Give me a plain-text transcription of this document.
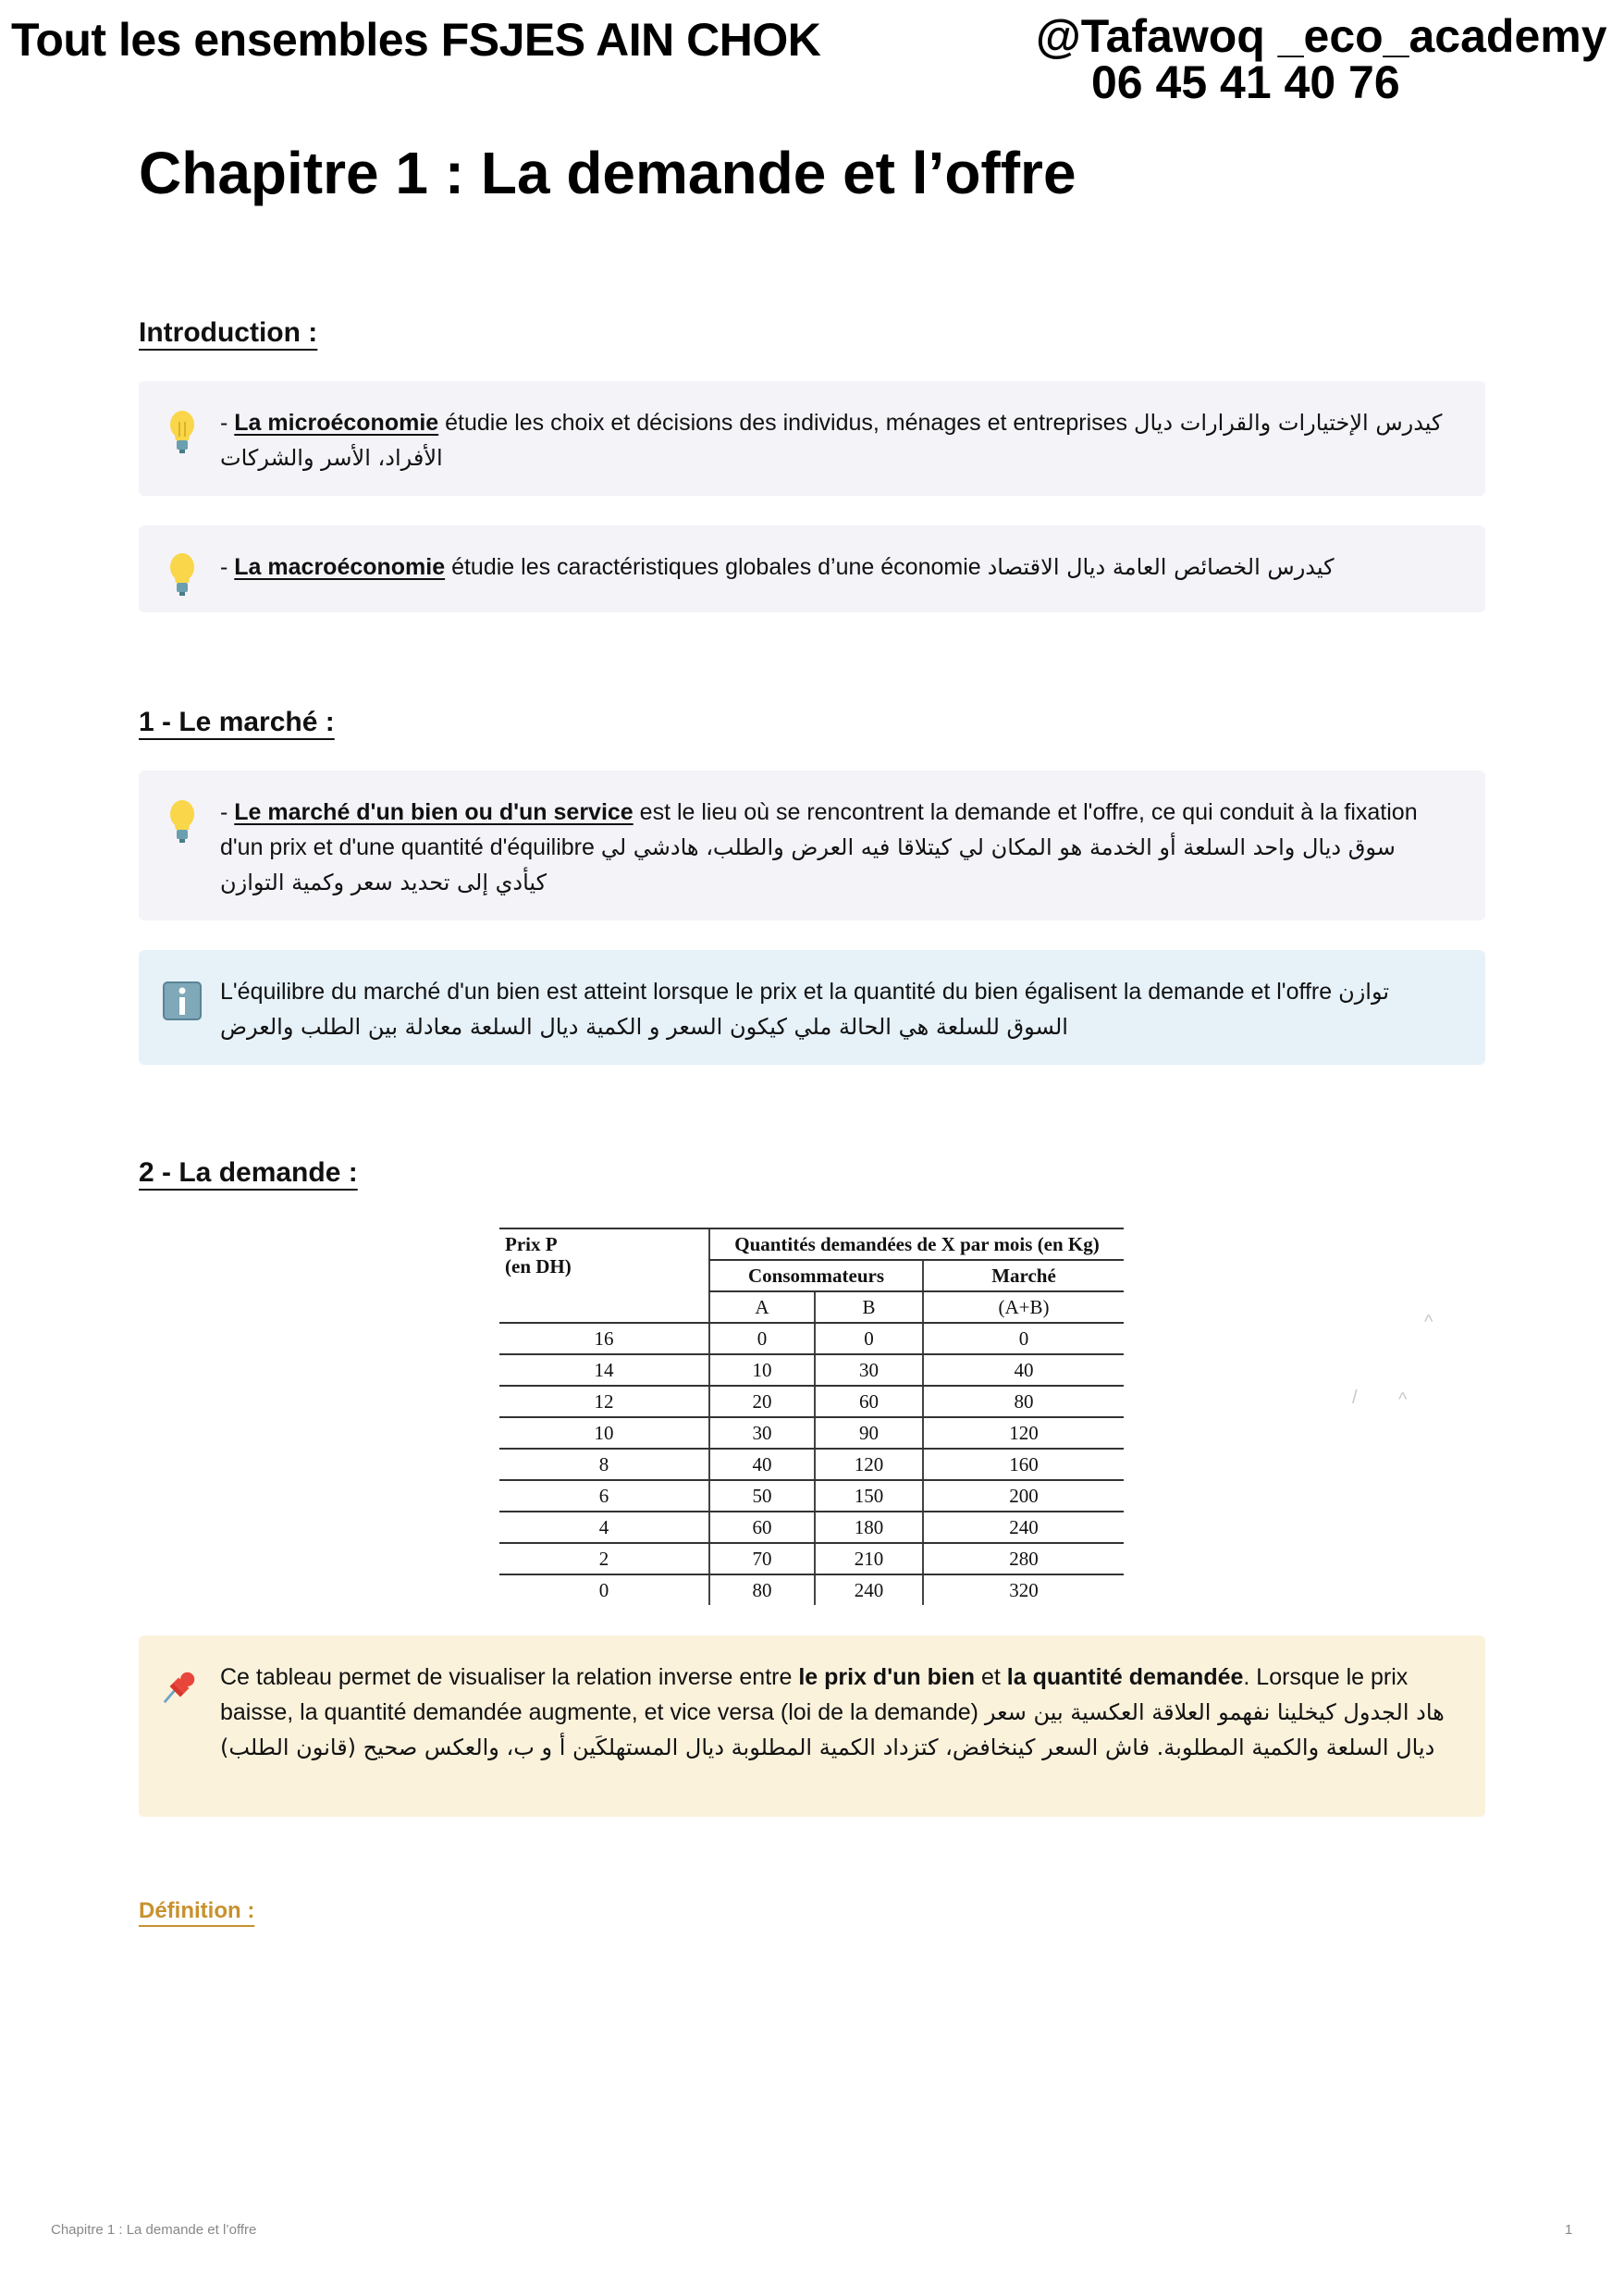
Tout les ensembles FSJES AIN CHOK	@Tafawoq _eco_academy
06 45 41 40 76
Chapitre 1 : La demande et l’offre
Introduction :
- La microéconomie étudie les choix et décisions des individus, ménages et entreprises كيدرس الإختيارات والقرارات ديال الأفراد، الأسر والشركات
- La macroéconomie étudie les caractéristiques globales d’une économie كيدرس الخصائص العامة ديال الاقتصاد
1 - Le marché :
- Le marché d'un bien ou d'un service est le lieu où se rencontrent la demande et l'offre, ce qui conduit à la fixation d'un prix et d'une quantité d'équilibre سوق ديال واحد السلعة أو الخدمة هو المكان لي كيتلاقا فيه العرض والطلب، هادشي لي كيأدي إلى تحديد سعر وكمية التوازن
L'équilibre du marché d'un bien est atteint lorsque le prix et la quantité du bien égalisent la demande et l'offre توازن السوق للسلعة هي الحالة ملي كيكون السعر و الكمية ديال السلعة معادلة بين الطلب والعرض
2 - La demande :
Prix P
(en DH)	Quantités demandées de X par mois (en Kg)		
	Consommateurs		Marché
	A	B	(A+B)
16	0	0	0
14	10	30	40
12	20	60	80
10	30	90	120
8	40	120	160
6	50	150	200
4	60	180	240
2	70	210	280
0	80	240	320
^
/ ^
Ce tableau permet de visualiser la relation inverse entre le prix d'un bien et la quantité demandée. Lorsque le prix baisse, la quantité demandée augmente, et vice versa (loi de la demande) هاد الجدول كيخلينا نفهمو العلاقة العكسية بين سعر ديال السلعة والكمية المطلوبة. فاش السعر كينخافض، كتزداد الكمية المطلوبة ديال المستهلكَين أ و ب، والعكس صحيح (قانون الطلب)
Définition :
Chapitre 1 : La demande et l’offre	1
